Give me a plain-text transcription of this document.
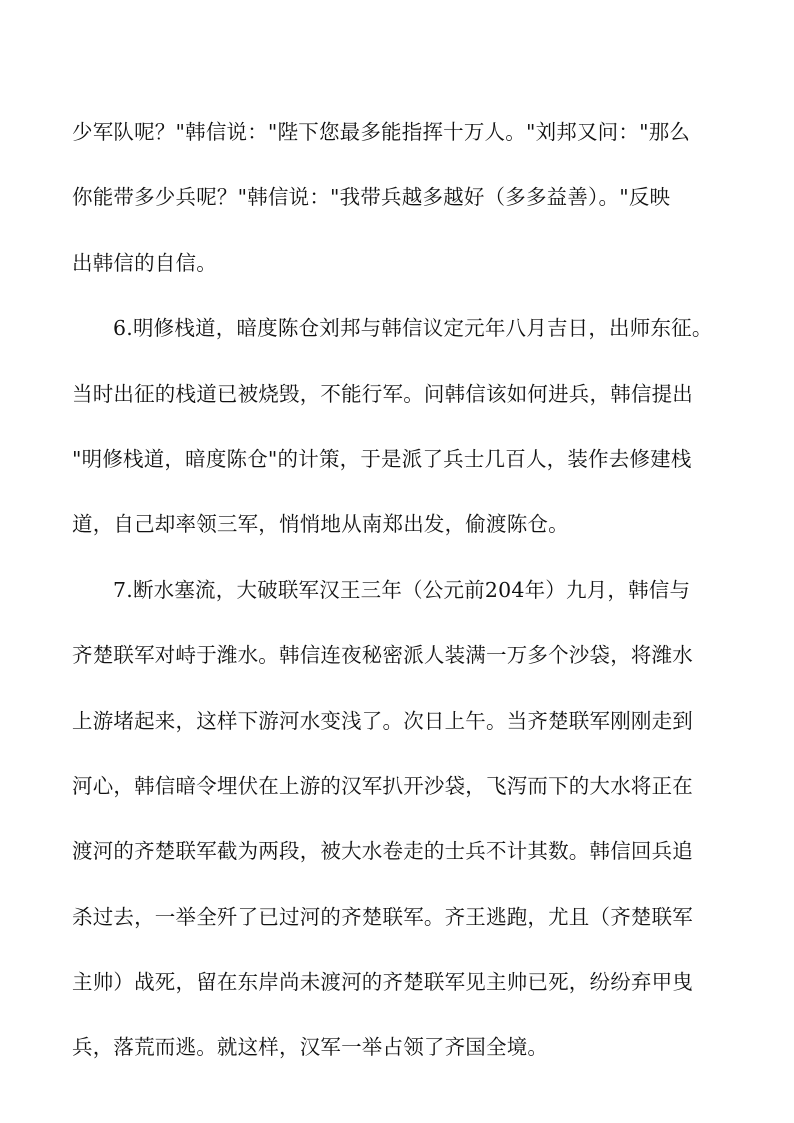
少军队呢？"韩信说："陛下您最多能指挥十万人。"刘邦又问："那么
你能带多少兵呢？"韩信说："我带兵越多越好（多多益善）。"反映
出韩信的自信。
6.明修栈道，暗度陈仓刘邦与韩信议定元年八月吉日，出师东征。
当时出征的栈道已被烧毁，不能行军。问韩信该如何进兵，韩信提出
"明修栈道，暗度陈仓"的计策，于是派了兵士几百人，装作去修建栈
道，自己却率领三军，悄悄地从南郑出发，偷渡陈仓。
7.断水塞流，大破联军汉王三年（公元前204年）九月，韩信与
齐楚联军对峙于潍水。韩信连夜秘密派人装满一万多个沙袋，将潍水
上游堵起来，这样下游河水变浅了。次日上午。当齐楚联军刚刚走到
河心，韩信暗令埋伏在上游的汉军扒开沙袋，飞泻而下的大水将正在
渡河的齐楚联军截为两段，被大水卷走的士兵不计其数。韩信回兵追
杀过去，一举全歼了已过河的齐楚联军。齐王逃跑，尤且（齐楚联军
主帅）战死，留在东岸尚未渡河的齐楚联军见主帅已死，纷纷弃甲曳
兵，落荒而逃。就这样，汉军一举占领了齐国全境。
